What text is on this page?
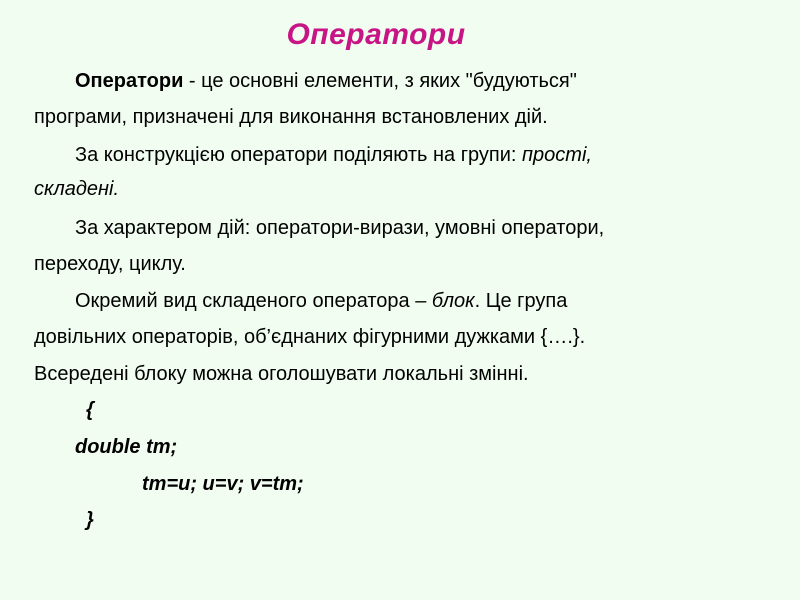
Оператори
Оператори - це основні елементи, з яких "будуються"
програми, призначені для виконання встановлених дій.
За конструкцією оператори поділяють на групи: прості,
складені.
За характером дій: оператори-вирази, умовні оператори,
переходу, циклу.
Окремий вид складеного оператора – блок. Це група
довільних операторів, об’єднаних фігурними дужками {….}.
Всередені блоку можна оголошувати локальні змінні.
{
double tm;
tm=u; u=v; v=tm;
}
